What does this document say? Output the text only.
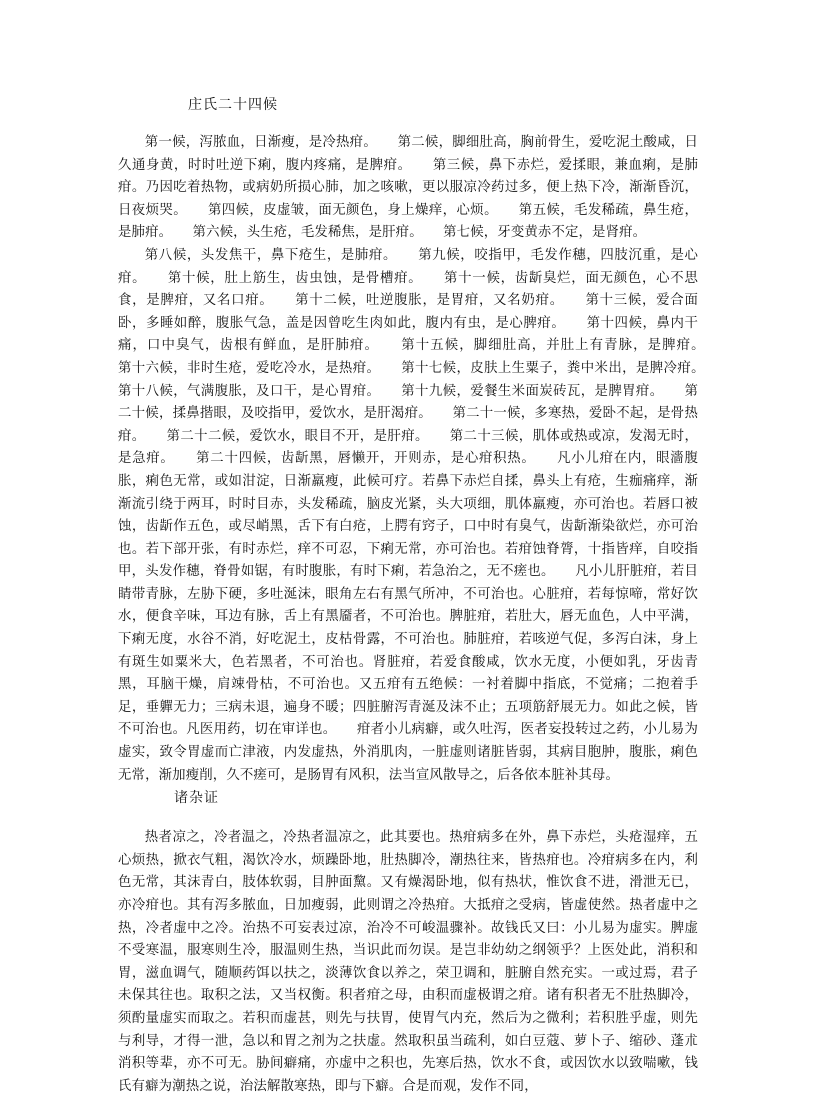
庄氏二十四候

第一候，泻脓血，日渐瘦，是冷热疳。　　第二候，脚细肚高，胸前骨生，爱吃泥土酸咸，日久通身黄，时时吐逆下痢，腹内疼痛，是脾疳。　　第三候，鼻下赤烂，爱揉眼，兼血痢，是肺疳。乃因吃着热物，或病奶所损心肺，加之咳嗽，更以服凉冷药过多，便上热下冷，渐渐昏沉，日夜烦哭。　　第四候，皮虚皱，面无颜色，身上燥痒，心烦。　　第五候，毛发稀疏，鼻生疮，是肺疳。　　第六候，头生疮，毛发稀焦，是肝疳。　　第七候，牙变黄赤不定，是肾疳。

第八候，头发焦干，鼻下疮生，是肺疳。　　第九候，咬指甲，毛发作穗，四肢沉重，是心疳。　　第十候，肚上筋生，齿虫蚀，是骨槽疳。　　第十一候，齿龂臭烂，面无颜色，心不思食，是脾疳，又名口疳。　　第十二候，吐逆腹胀，是胃疳，又名奶疳。　　第十三候，爱合面卧，多睡如醉，腹胀气急，盖是因曾吃生肉如此，腹内有虫，是心脾疳。　　第十四候，鼻内干痛，口中臭气，齿根有鲜血，是肝肺疳。　　第十五候，脚细肚高，并肚上有青脉，是脾疳。　　第十六候，非时生疮，爱吃冷水，是热疳。　　第十七候，皮肤上生粟子，粪中米出，是脾冷疳。　　第十八候，气满腹胀，及口干，是心胃疳。　　第十九候，爱餐生米面炭砖瓦，是脾胃疳。　　第二十候，揉鼻揩眼，及咬指甲，爱饮水，是肝渴疳。　　第二十一候，多寒热，爱卧不起，是骨热疳。　　第二十二候，爱饮水，眼目不开，是肝疳。　　第二十三候，肌体或热或凉，发渴无时，是急疳。　　第二十四候，齿龂黑，唇懒开，开则赤，是心疳积热。　　凡小儿疳在内，眼濇腹胀，痢色无常，或如泔淀，日渐羸瘦，此候可疗。若鼻下赤烂自揉，鼻头上有疮，生痂痛痒，渐渐流引绕于两耳，时时目赤，头发稀疏，脑皮光紧，头大项细，肌体羸瘦，亦可治也。若唇口被蚀，齿龂作五色，或尽峭黑，舌下有白疮，上腭有窍子，口中时有臭气，齿龂渐染欲烂，亦可治也。若下部开张，有时赤烂，痒不可忍，下痢无常，亦可治也。若疳蚀脊膂，十指皆痒，自咬指甲，头发作穗，脊骨如锯，有时腹胀，有时下痢，若急治之，无不瘥也。　　凡小儿肝脏疳，若目睛带青脉，左胁下硬，多吐涎沫，眼角左右有黑气所冲，不可治也。心脏疳，若每惊啼，常好饮水，便食辛味，耳边有脉，舌上有黑靥者，不可治也。脾脏疳，若肚大，唇无血色，人中平满，下痢无度，水谷不消，好吃泥土，皮枯骨露，不可治也。肺脏疳，若咳逆气促，多泻白沫，身上有斑生如粟米大，色若黑者，不可治也。肾脏疳，若爱食酸咸，饮水无度，小便如乳，牙齿青黑，耳脑干燥，肩竦骨枯，不可治也。又五疳有五绝候：一衬着脚中指底，不觉痛；二抱着手足，垂軃无力；三病未退，遍身不暖；四脏腑泻青涎及沫不止；五项筋舒展无力。如此之候，皆不可治也。凡医用药，切在审详也。　　疳者小儿病癖，或久吐泻，医者妄投转过之药，小儿易为虚实，致令胃虚而亡津液，内发虚热，外消肌肉，一脏虚则诸脏皆弱，其病目胞肿，腹胀，痢色无常，渐加瘦削，久不瘥可，是肠胃有风积，法当宣风散导之，后各依本脏补其母。

诸杂证

热者凉之，冷者温之，冷热者温凉之，此其要也。热疳病多在外，鼻下赤烂，头疮湿痒，五心烦热，掀衣气粗，渴饮冷水，烦躁卧地，肚热脚冷，潮热往来，皆热疳也。冷疳病多在内，利色无常，其沫青白，肢体软弱，目肿面黧。又有燥渴卧地，似有热状，惟饮食不进，滑泄无已，亦冷疳也。其有泻多脓血，日加瘦弱，此则谓之冷热疳。大抵疳之受病，皆虚使然。热者虚中之热，冷者虚中之冷。治热不可妄表过凉，治冷不可峻温骤补。故钱氏又曰：小儿易为虚实。脾虚不受寒温，服寒则生冷，服温则生热，当识此而勿误。是岂非幼幼之纲领乎？上医处此，消积和胃，滋血调气，随顺药饵以扶之，淡薄饮食以养之，荣卫调和，脏腑自然充实。一或过焉，君子未保其往也。取积之法，又当权衡。积者疳之母，由积而虚极谓之疳。诸有积者无不肚热脚冷，须酌量虚实而取之。若积而虚甚，则先与扶胃，使胃气内充，然后为之微利；若积胜乎虚，则先与利导，才得一泄，急以和胃之剂为之扶虚。然取积虽当疏利，如白豆蔻、萝卜子、缩砂、蓬朮消积等辈，亦不可无。胁间癖痛，亦虚中之积也，先寒后热，饮水不食，或因饮水以致喘嗽，钱氏有癖为潮热之说，治法解散寒热，即与下癖。合是而观，发作不同，
